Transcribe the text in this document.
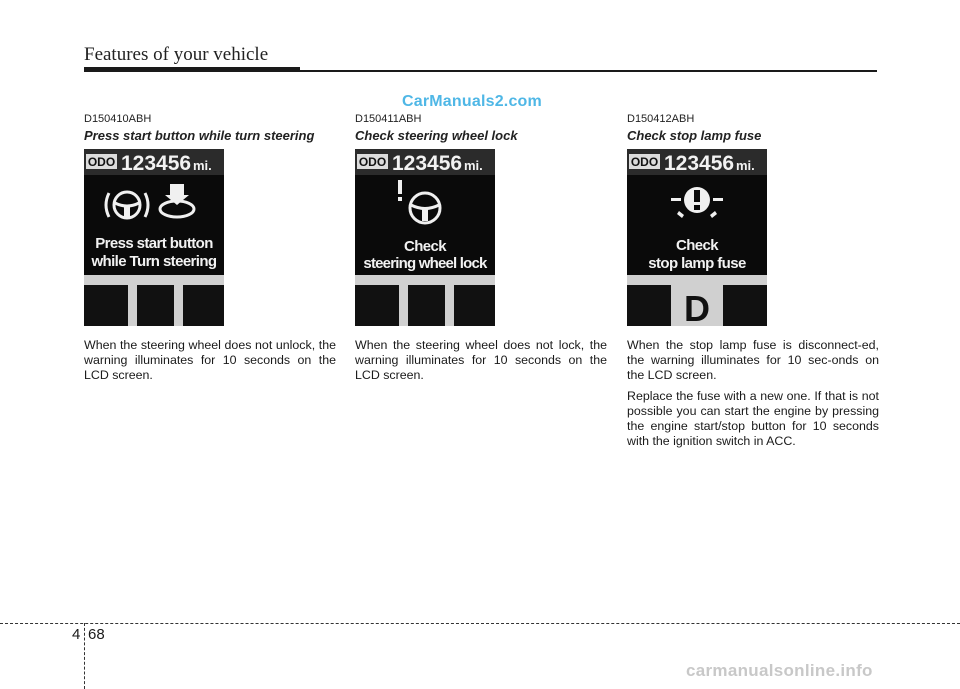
Features of your vehicle
CarManuals2.com
D150410ABH
Press start button while turn steering
ODO 123456 mi.
Press start button
while Turn steering

When the steering wheel does not unlock, the warning illuminates for 10 seconds on the LCD screen.

D150411ABH
Check steering wheel lock
ODO 123456 mi.
Check
steering wheel lock

When the steering wheel does not lock, the warning illuminates for 10 seconds on the LCD screen.

D150412ABH
Check stop lamp fuse
ODO 123456 mi.
Check
stop lamp fuse
D

When the stop lamp fuse is disconnect-ed, the warning illuminates for 10 sec-onds on the LCD screen.

Replace the fuse with a new one. If that is not possible you can start the engine by pressing the engine start/stop button for 10 seconds with the ignition switch in ACC.

4 68
carmanualsonline.info
